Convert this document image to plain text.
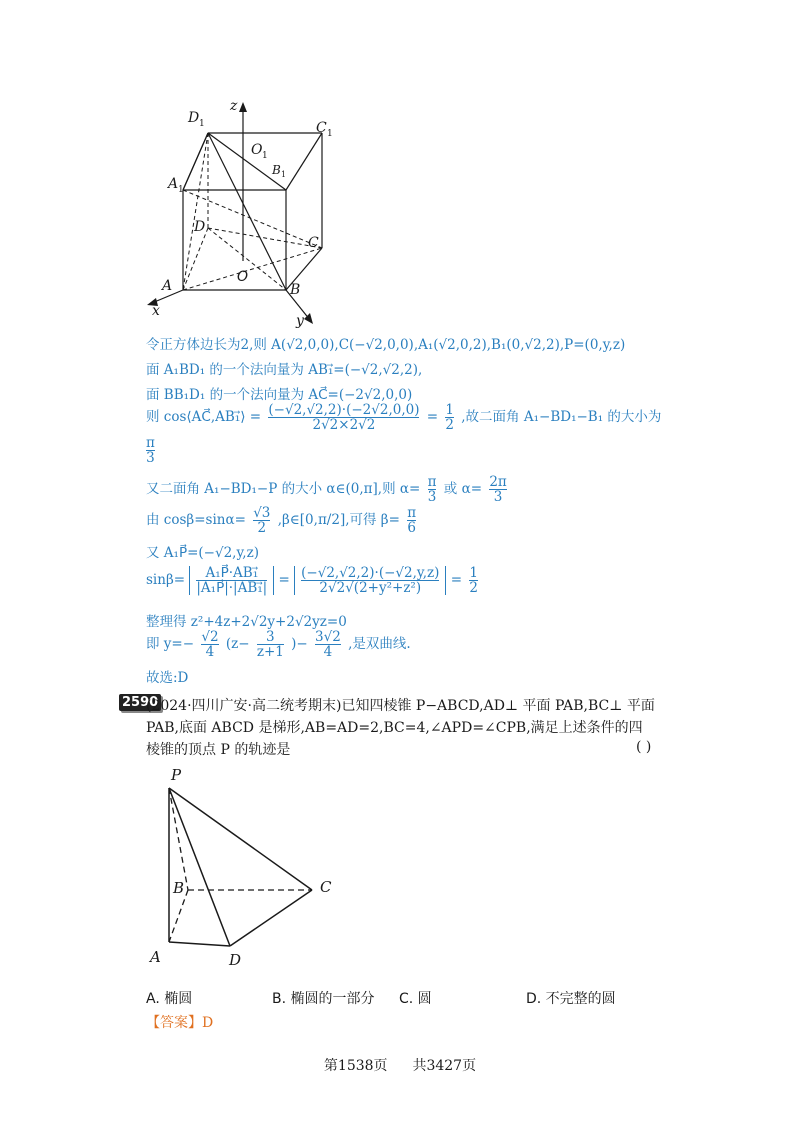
D 1	C 1
A 1
O 1
B 1
D
C
A	B
O
x
y
z
令正方体边长为2,则 A(√2,0,0),C(−√2,0,0),A₁(√2,0,2),B₁(0,√2,2),P=(0,y,z)
面 A₁BD₁ 的一个法向量为 AB₁⃗=(−√2,√2,2),
面 BB₁D₁ 的一个法向量为 AC⃗=(−2√2,0,0)
则 cos⟨AC⃗,AB₁⃗⟩ = $\frac{(-√2,√2,2)\cdot(-2√2,0,0)}{2√2\times 2√2} = \frac{1}{2}$ ,故二面角 A₁−BD₁−B₁ 的大小为
$\frac{\pi}{3}$
又二面角 A₁−BD₁−P 的大小 α∈(0,π],则 $\alpha= \frac{\pi}{3}$ 或 $\alpha= \frac{2\pi}{3}$
由 $\cos\beta=\sin\alpha= \frac{√3}{2}$ ,β∈[0,π/2],可得 $\beta= \frac{\pi}{6}$
又 A₁P⃗=(−√2,y,z)
$\sin\beta= \frac{\text{A₁P⃗·AB₁⃗}}{\text{|A₁P⃗|·|AB₁⃗|}} = \frac{(-√2,√2,2)\cdot(-√2,y,z)}{\text{2√2√(2+y²+z²)}} = \frac{1}{2}$
整理得 z²+4z+2√2y+2√2yz=0
即 $y=- \frac{√2}{4} (z- \frac{3}{z+1}$ )− $\frac{3√2}{4}$ ,是双曲线.
故选:D
2590
(2024·四川广安·高二统考期末)已知四棱锥 P−ABCD,AD⊥ 平面 PAB,BC⊥ 平面
PAB,底面 ABCD 是梯形,AB=AD=2,BC=4,∠APD=∠CPB,满足上述条件的四
棱锥的顶点 P 的轨迹是	( )
P
B	C
A	D
A. 椭圆	B. 椭圆的一部分 C. 圆	D. 不完整的圆
【答案】D
第1538页 共3427页
